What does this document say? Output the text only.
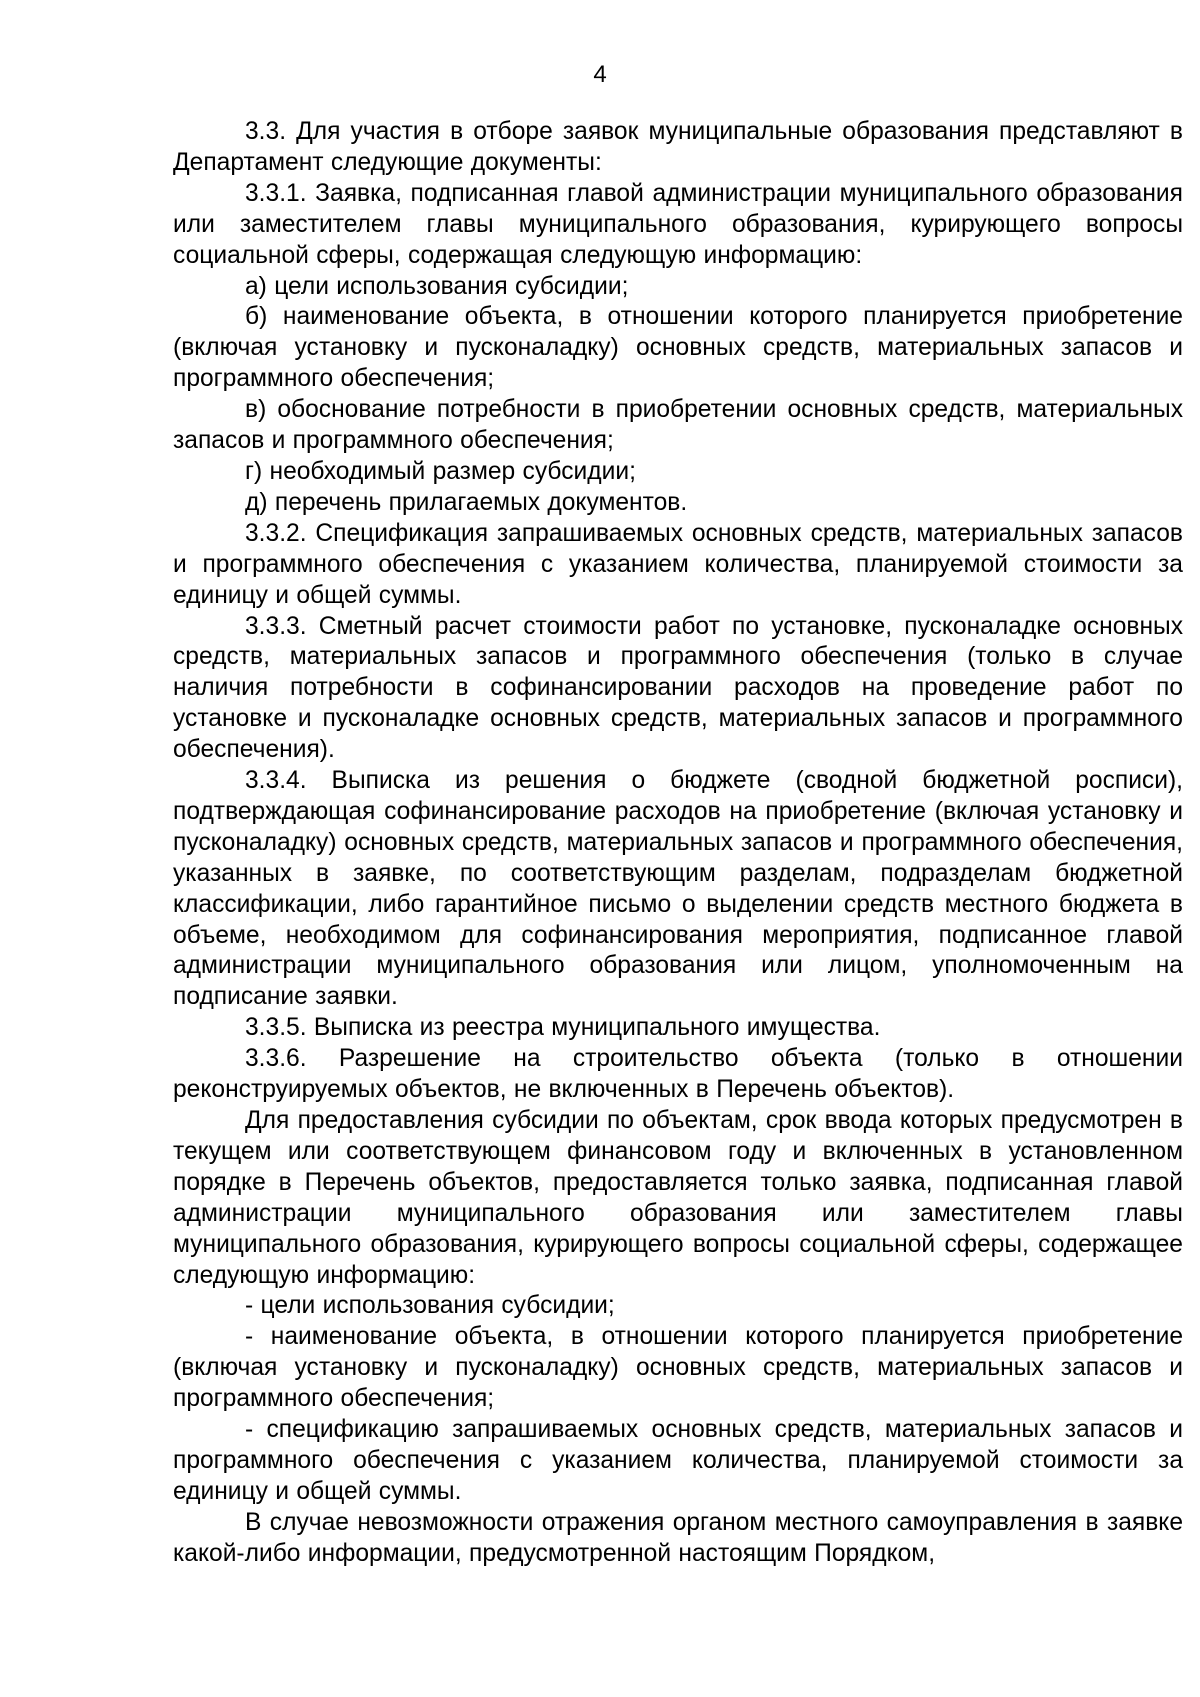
4

3.3. Для участия в отборе заявок муниципальные образования представляют в Департамент следующие документы:

3.3.1. Заявка, подписанная главой администрации муниципального образования или заместителем главы муниципального образования, курирующего вопросы социальной сферы, содержащая следующую информацию:

а) цели использования субсидии;

б) наименование объекта, в отношении которого планируется приобретение (включая установку и пусконаладку) основных средств, материальных запасов и программного обеспечения;

в) обоснование потребности в приобретении основных средств, материальных запасов и программного обеспечения;

г) необходимый размер субсидии;

д) перечень прилагаемых документов.

3.3.2. Спецификация запрашиваемых основных средств, материальных запасов и программного обеспечения с указанием количества, планируемой стоимости за единицу и общей суммы.

3.3.3. Сметный расчет стоимости работ по установке, пусконаладке основных средств, материальных запасов и программного обеспечения (только в случае наличия потребности в софинансировании расходов на проведение работ по установке и пусконаладке основных средств, материальных запасов и программного обеспечения).

3.3.4. Выписка из решения о бюджете (сводной бюджетной росписи), подтверждающая софинансирование расходов на приобретение (включая установку и пусконаладку) основных средств, материальных запасов и программного обеспечения, указанных в заявке, по соответствующим разделам, подразделам бюджетной классификации, либо гарантийное письмо о выделении средств местного бюджета в объеме, необходимом для софинансирования мероприятия, подписанное главой администрации муниципального образования или лицом, уполномоченным на подписание заявки.

3.3.5. Выписка из реестра муниципального имущества.

3.3.6. Разрешение на строительство объекта (только в отношении реконструируемых объектов, не включенных в Перечень объектов).

Для предоставления субсидии по объектам, срок ввода которых предусмотрен в текущем или соответствующем финансовом году и включенных в установленном порядке в Перечень объектов, предоставляется только заявка, подписанная главой администрации муниципального образования или заместителем главы муниципального образования, курирующего вопросы социальной сферы, содержащее следующую информацию:

- цели использования субсидии;

- наименование объекта, в отношении которого планируется приобретение (включая установку и пусконаладку) основных средств, материальных запасов и программного обеспечения;

- спецификацию запрашиваемых основных средств, материальных запасов и программного обеспечения с указанием количества, планируемой стоимости за единицу и общей суммы.

В случае невозможности отражения органом местного самоуправления в заявке какой-либо информации, предусмотренной настоящим Порядком,
